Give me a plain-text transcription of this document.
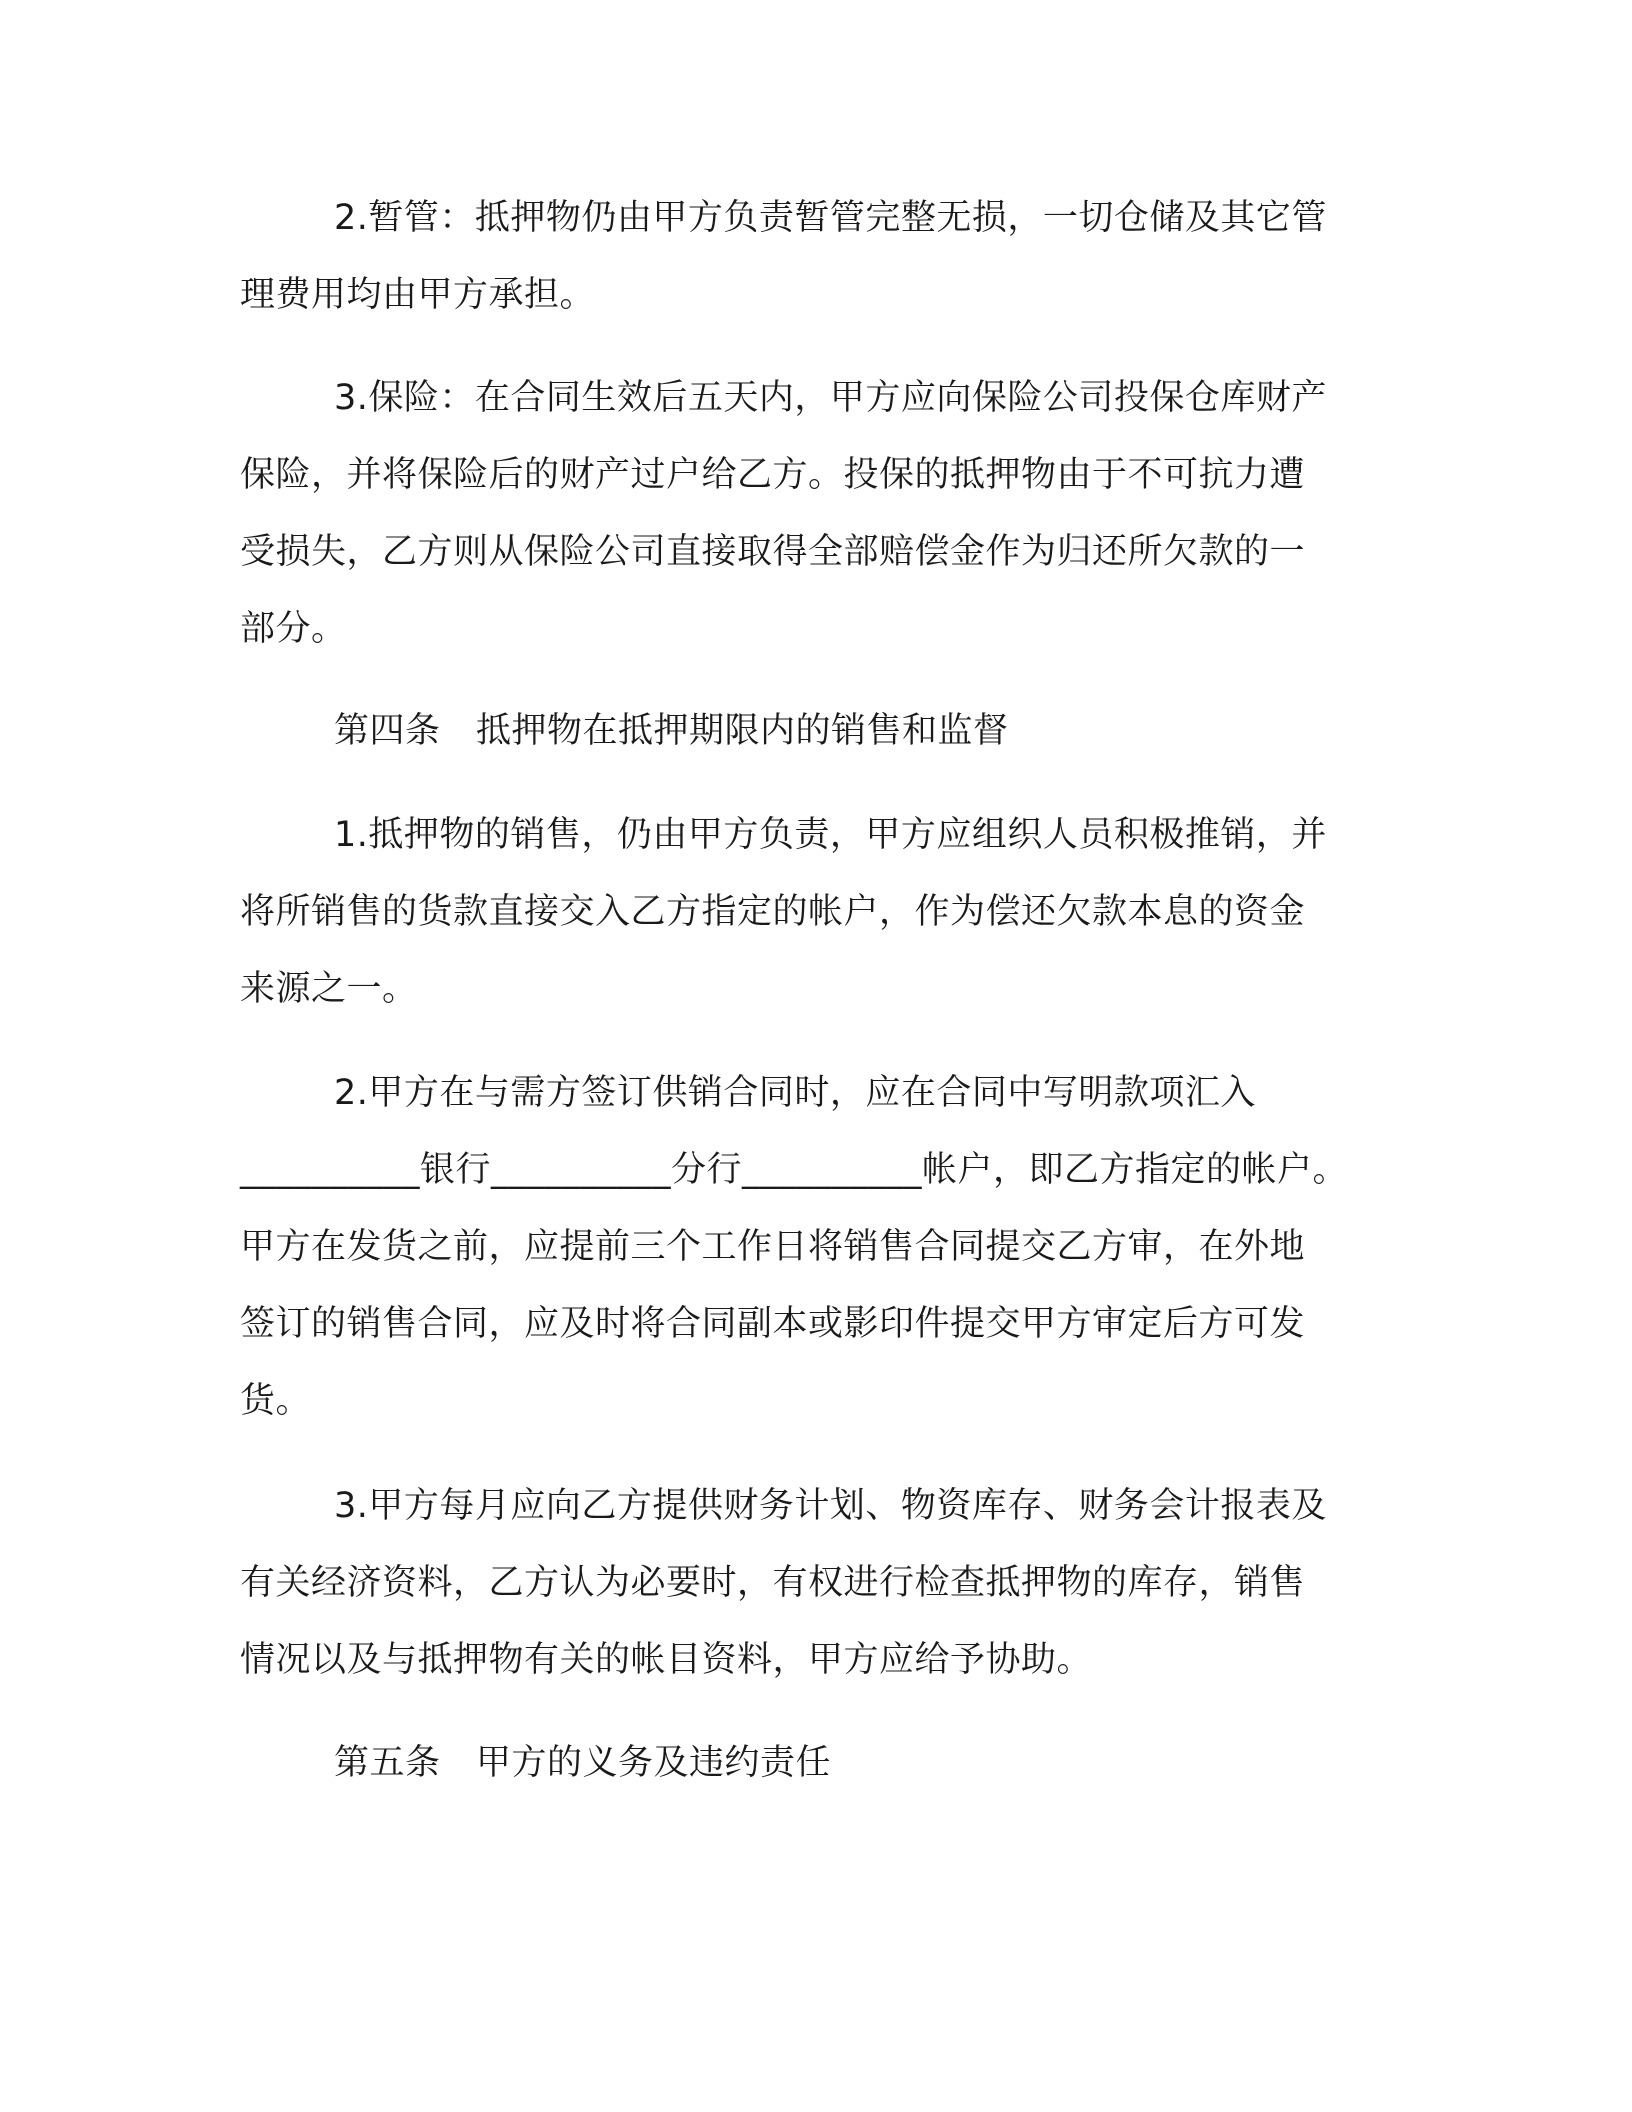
2.暂管：抵押物仍由甲方负责暂管完整无损，一切仓储及其它管
理费用均由甲方承担。
3.保险：在合同生效后五天内，甲方应向保险公司投保仓库财产
保险，并将保险后的财产过户给乙方。投保的抵押物由于不可抗力遭
受损失，乙方则从保险公司直接取得全部赔偿金作为归还所欠款的一
部分。
第四条　抵押物在抵押期限内的销售和监督
1.抵押物的销售，仍由甲方负责，甲方应组织人员积极推销，并
将所销售的货款直接交入乙方指定的帐户，作为偿还欠款本息的资金
来源之一。
2.甲方在与需方签订供销合同时，应在合同中写明款项汇入
__________银行__________分行__________帐户，即乙方指定的帐户。
甲方在发货之前，应提前三个工作日将销售合同提交乙方审，在外地
签订的销售合同，应及时将合同副本或影印件提交甲方审定后方可发
货。
3.甲方每月应向乙方提供财务计划、物资库存、财务会计报表及
有关经济资料，乙方认为必要时，有权进行检查抵押物的库存，销售
情况以及与抵押物有关的帐目资料，甲方应给予协助。
第五条　甲方的义务及违约责任
